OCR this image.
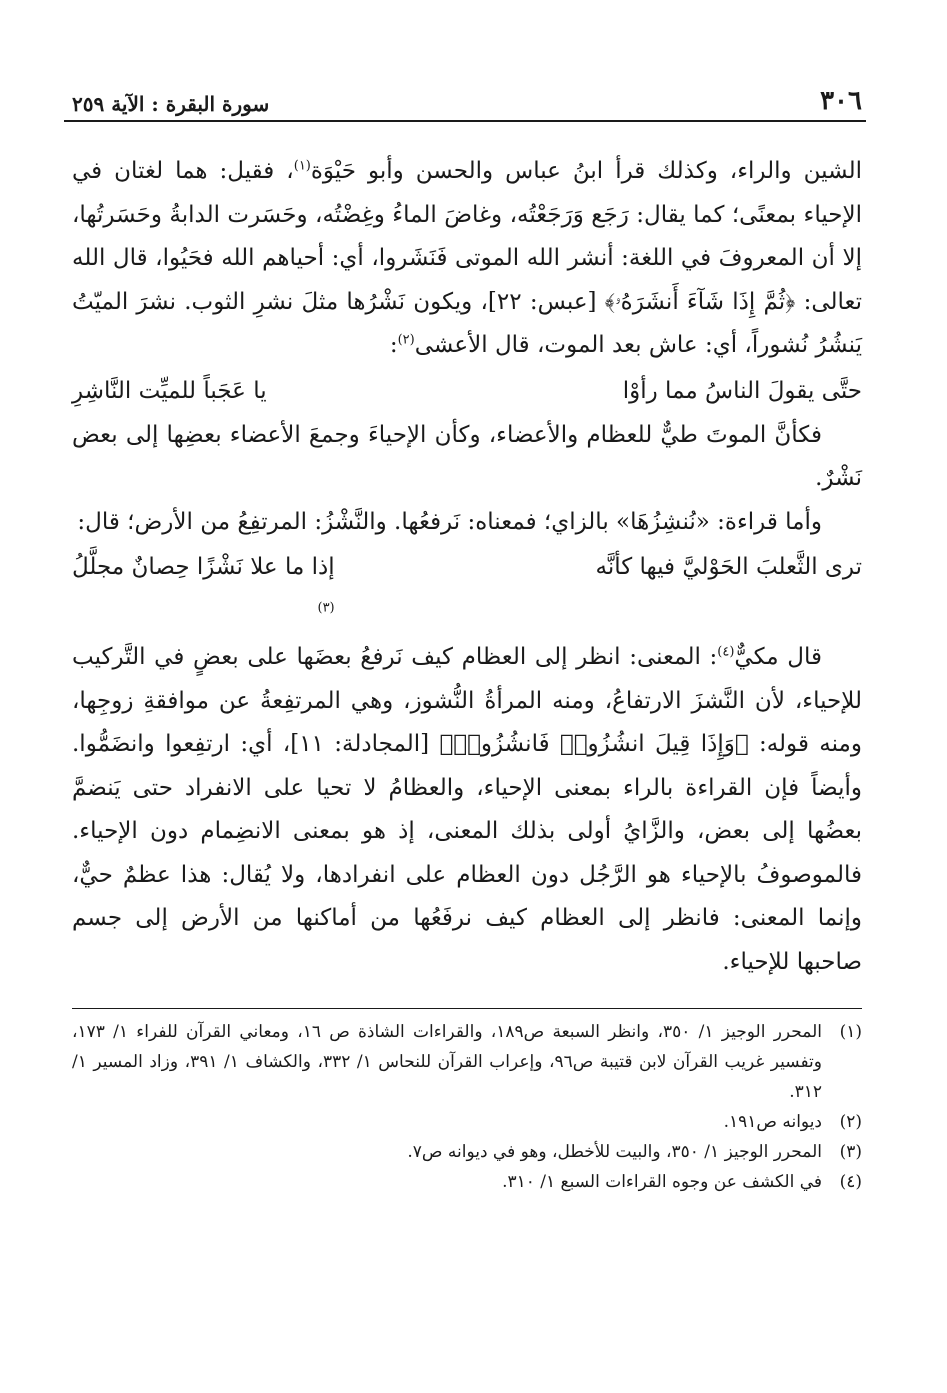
٣٠٦
سورة البقرة : الآية ٢٥٩

الشين والراء، وكذلك قرأ ابنُ عباس والحسن وأبو حَيْوَة$^{(١)}$، فقيل: هما لغتان في الإحياء بمعنًى؛ كما يقال: رَجَع وَرَجَعْتُه، وغاضَ الماءُ وغِضْتُه، وحَسَرت الدابةُ وحَسَرتُها، إلا أن المعروفَ في اللغة: أنشر الله الموتى فَنَشَروا، أي: أحياهم الله فحَيُوا، قال الله تعالى: ﴿ثُمَّ إِذَا شَآءَ أَنشَرَهُۥ﴾ [عبس: ٢٢]، ويكون نَشْرُها مثلَ نشرِ الثوب. نشرَ الميّتُ يَنشُرُ نُشوراً، أي: عاش بعد الموت، قال الأعشى$^{(٢)}$:

حتَّى يقولَ الناسُ مما رأوْا
يا عَجَباً للميِّت النَّاشِرِ

فكأنَّ الموتَ طيٌّ للعظام والأعضاء، وكأن الإحياءَ وجمعَ الأعضاء بعضِها إلى بعض نَشْرٌ.

وأما قراءة: «نُنشِزُهَا» بالزاي؛ فمعناه: نَرفعُها. والنَّشْزُ: المرتفِعُ من الأرض؛ قال:

ترى الثَّعلبَ الحَوْليَّ فيها كأنَّه
إذا ما علا نَشْزًا حِصانٌ مجلَّلُ
$^{(٣)}$

قال مكيٌّ$^{(٤)}$: المعنى: انظر إلى العظام كيف نَرفعُ بعضَها على بعضٍ في التَّركيب للإحياء، لأن النَّشزَ الارتفاعُ، ومنه المرأةُ النُّشوز، وهي المرتفِعةُ عن موافقةِ زوجِها، ومنه قوله: ﴿وَإِذَا قِيلَ انشُزُوا۟ فَانشُزُوا۟﴾ [المجادلة: ١١]، أي: ارتفِعوا وانضَمُّوا. وأيضاً فإن القراءة بالراء بمعنى الإحياء، والعظامُ لا تحيا على الانفراد حتى يَنضمَّ بعضُها إلى بعض، والزَّايُ أولى بذلك المعنى، إذ هو بمعنى الانضِمام دون الإحياء. فالموصوفُ بالإحياء هو الرَّجُل دون العظام على انفرادها، ولا يُقال: هذا عظمٌ حيٌّ، وإنما المعنى: فانظر إلى العظام كيف نرفَعُها من أماكنها من الأرض إلى جسم صاحبها للإحياء.

(١)
المحرر الوجيز ١/ ٣٥٠، وانظر السبعة ص١٨٩، والقراءات الشاذة ص ١٦، ومعاني القرآن للفراء ١/ ١٧٣، وتفسير غريب القرآن لابن قتيبة ص٩٦، وإعراب القرآن للنحاس ١/ ٣٣٢، والكشاف ١/ ٣٩١، وزاد المسير ١/ ٣١٢.
(٢)
ديوانه ص١٩١.
(٣)
المحرر الوجيز ١/ ٣٥٠، والبيت للأخطل، وهو في ديوانه ص٧.
(٤)
في الكشف عن وجوه القراءات السبع ١/ ٣١٠.
